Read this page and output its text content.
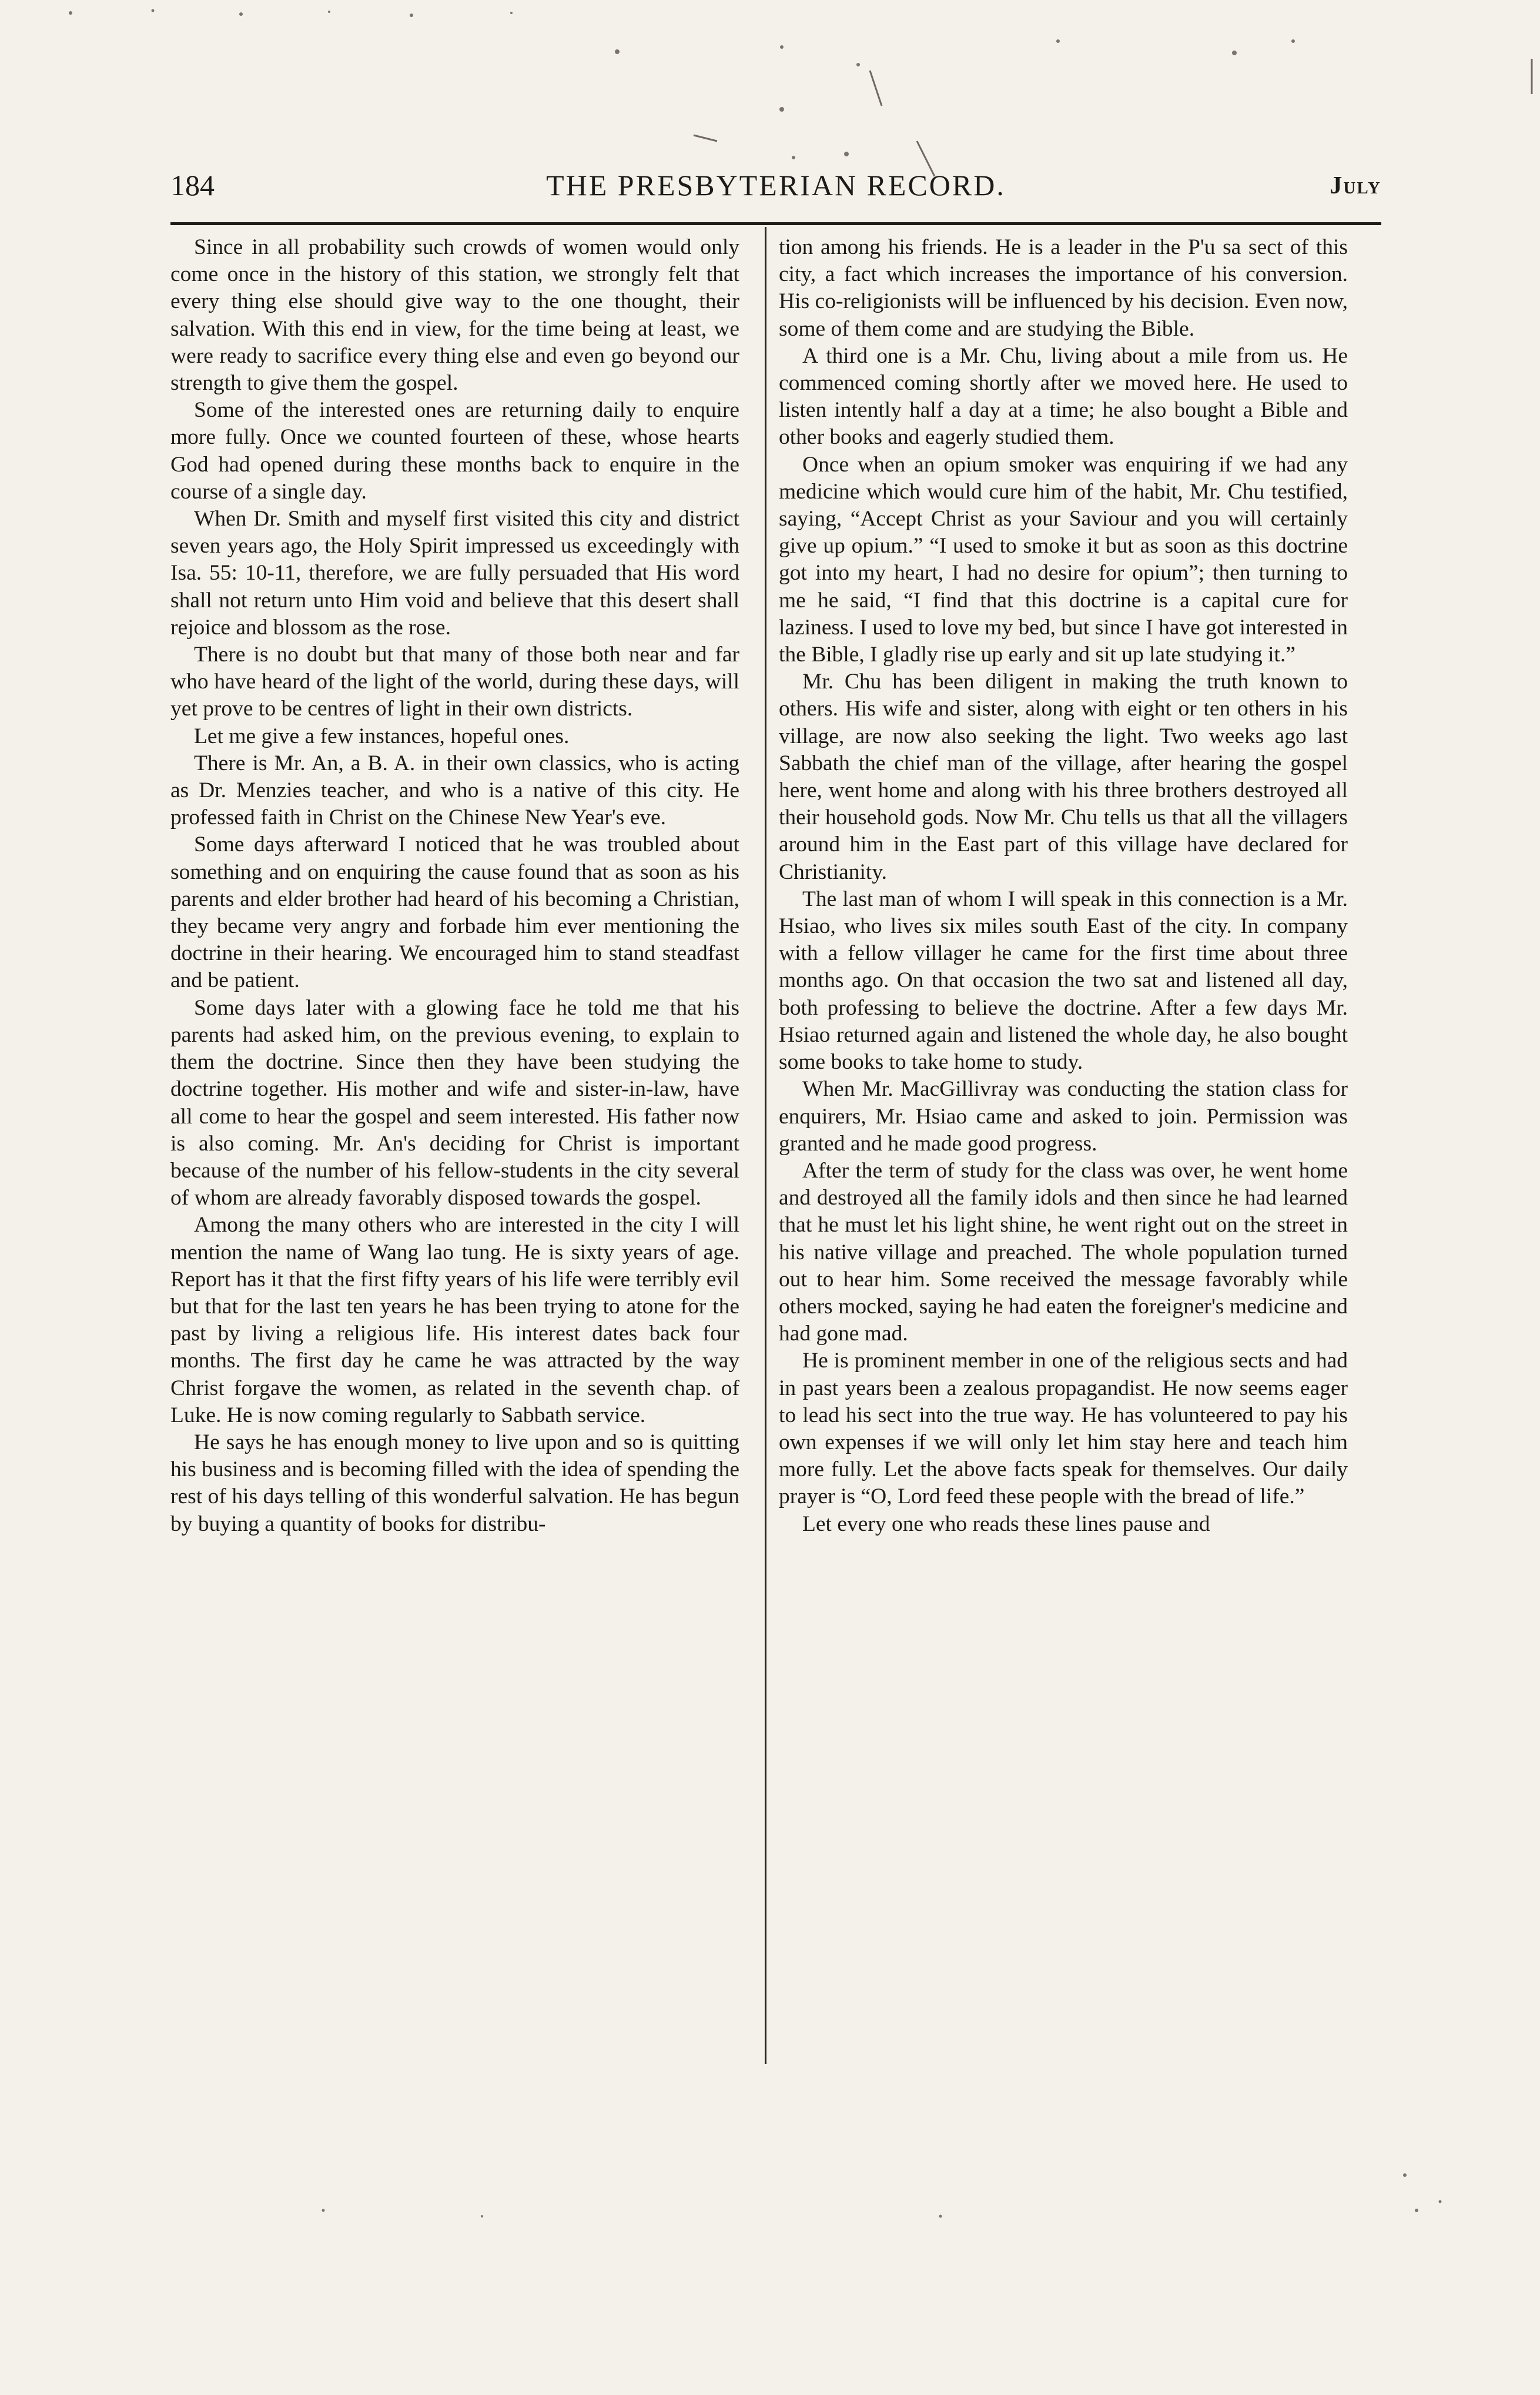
184	THE PRESBYTERIAN RECORD.	July

Since in all probability such crowds of women would only come once in the history of this station, we strongly felt that every thing else should give way to the one thought, their salvation. With this end in view, for the time being at least, we were ready to sacrifice every thing else and even go beyond our strength to give them the gospel.

Some of the interested ones are returning daily to enquire more fully. Once we counted fourteen of these, whose hearts God had opened during these months back to enquire in the course of a single day.

When Dr. Smith and myself first visited this city and district seven years ago, the Holy Spirit impressed us exceedingly with Isa. 55: 10-11, therefore, we are fully persuaded that His word shall not return unto Him void and believe that this desert shall rejoice and blossom as the rose.

There is no doubt but that many of those both near and far who have heard of the light of the world, during these days, will yet prove to be centres of light in their own districts.

Let me give a few instances, hopeful ones.

There is Mr. An, a B. A. in their own classics, who is acting as Dr. Menzies teacher, and who is a native of this city. He professed faith in Christ on the Chinese New Year's eve.

Some days afterward I noticed that he was troubled about something and on enquiring the cause found that as soon as his parents and elder brother had heard of his becoming a Christian, they became very angry and forbade him ever mentioning the doctrine in their hearing. We encouraged him to stand steadfast and be patient.

Some days later with a glowing face he told me that his parents had asked him, on the previous evening, to explain to them the doctrine. Since then they have been studying the doctrine together. His mother and wife and sister-in-law, have all come to hear the gospel and seem interested. His father now is also coming. Mr. An's deciding for Christ is important because of the number of his fellow-students in the city several of whom are already favorably disposed towards the gospel.

Among the many others who are interested in the city I will mention the name of Wang lao tung. He is sixty years of age. Report has it that the first fifty years of his life were terribly evil but that for the last ten years he has been trying to atone for the past by living a religious life. His interest dates back four months. The first day he came he was attracted by the way Christ forgave the women, as related in the seventh chap. of Luke. He is now coming regularly to Sabbath service.

He says he has enough money to live upon and so is quitting his business and is becoming filled with the idea of spending the rest of his days telling of this wonderful salvation. He has begun by buying a quantity of books for distribu-

tion among his friends. He is a leader in the P'u sa sect of this city, a fact which increases the importance of his conversion. His co-religionists will be influenced by his decision. Even now, some of them come and are studying the Bible.

A third one is a Mr. Chu, living about a mile from us. He commenced coming shortly after we moved here. He used to listen intently half a day at a time; he also bought a Bible and other books and eagerly studied them.

Once when an opium smoker was enquiring if we had any medicine which would cure him of the habit, Mr. Chu testified, saying, “Accept Christ as your Saviour and you will certainly give up opium.” “I used to smoke it but as soon as this doctrine got into my heart, I had no desire for opium”; then turning to me he said, “I find that this doctrine is a capital cure for laziness. I used to love my bed, but since I have got interested in the Bible, I gladly rise up early and sit up late studying it.”

Mr. Chu has been diligent in making the truth known to others. His wife and sister, along with eight or ten others in his village, are now also seeking the light. Two weeks ago last Sabbath the chief man of the village, after hearing the gospel here, went home and along with his three brothers destroyed all their household gods. Now Mr. Chu tells us that all the villagers around him in the East part of this village have declared for Christianity.

The last man of whom I will speak in this connection is a Mr. Hsiao, who lives six miles south East of the city. In company with a fellow villager he came for the first time about three months ago. On that occasion the two sat and listened all day, both professing to believe the doctrine. After a few days Mr. Hsiao returned again and listened the whole day, he also bought some books to take home to study.

When Mr. MacGillivray was conducting the station class for enquirers, Mr. Hsiao came and asked to join. Permission was granted and he made good progress.

After the term of study for the class was over, he went home and destroyed all the family idols and then since he had learned that he must let his light shine, he went right out on the street in his native village and preached. The whole population turned out to hear him. Some received the message favorably while others mocked, saying he had eaten the foreigner's medicine and had gone mad.

He is prominent member in one of the religious sects and had in past years been a zealous propagandist. He now seems eager to lead his sect into the true way. He has volunteered to pay his own expenses if we will only let him stay here and teach him more fully. Let the above facts speak for themselves. Our daily prayer is “O, Lord feed these people with the bread of life.”

Let every one who reads these lines pause and
